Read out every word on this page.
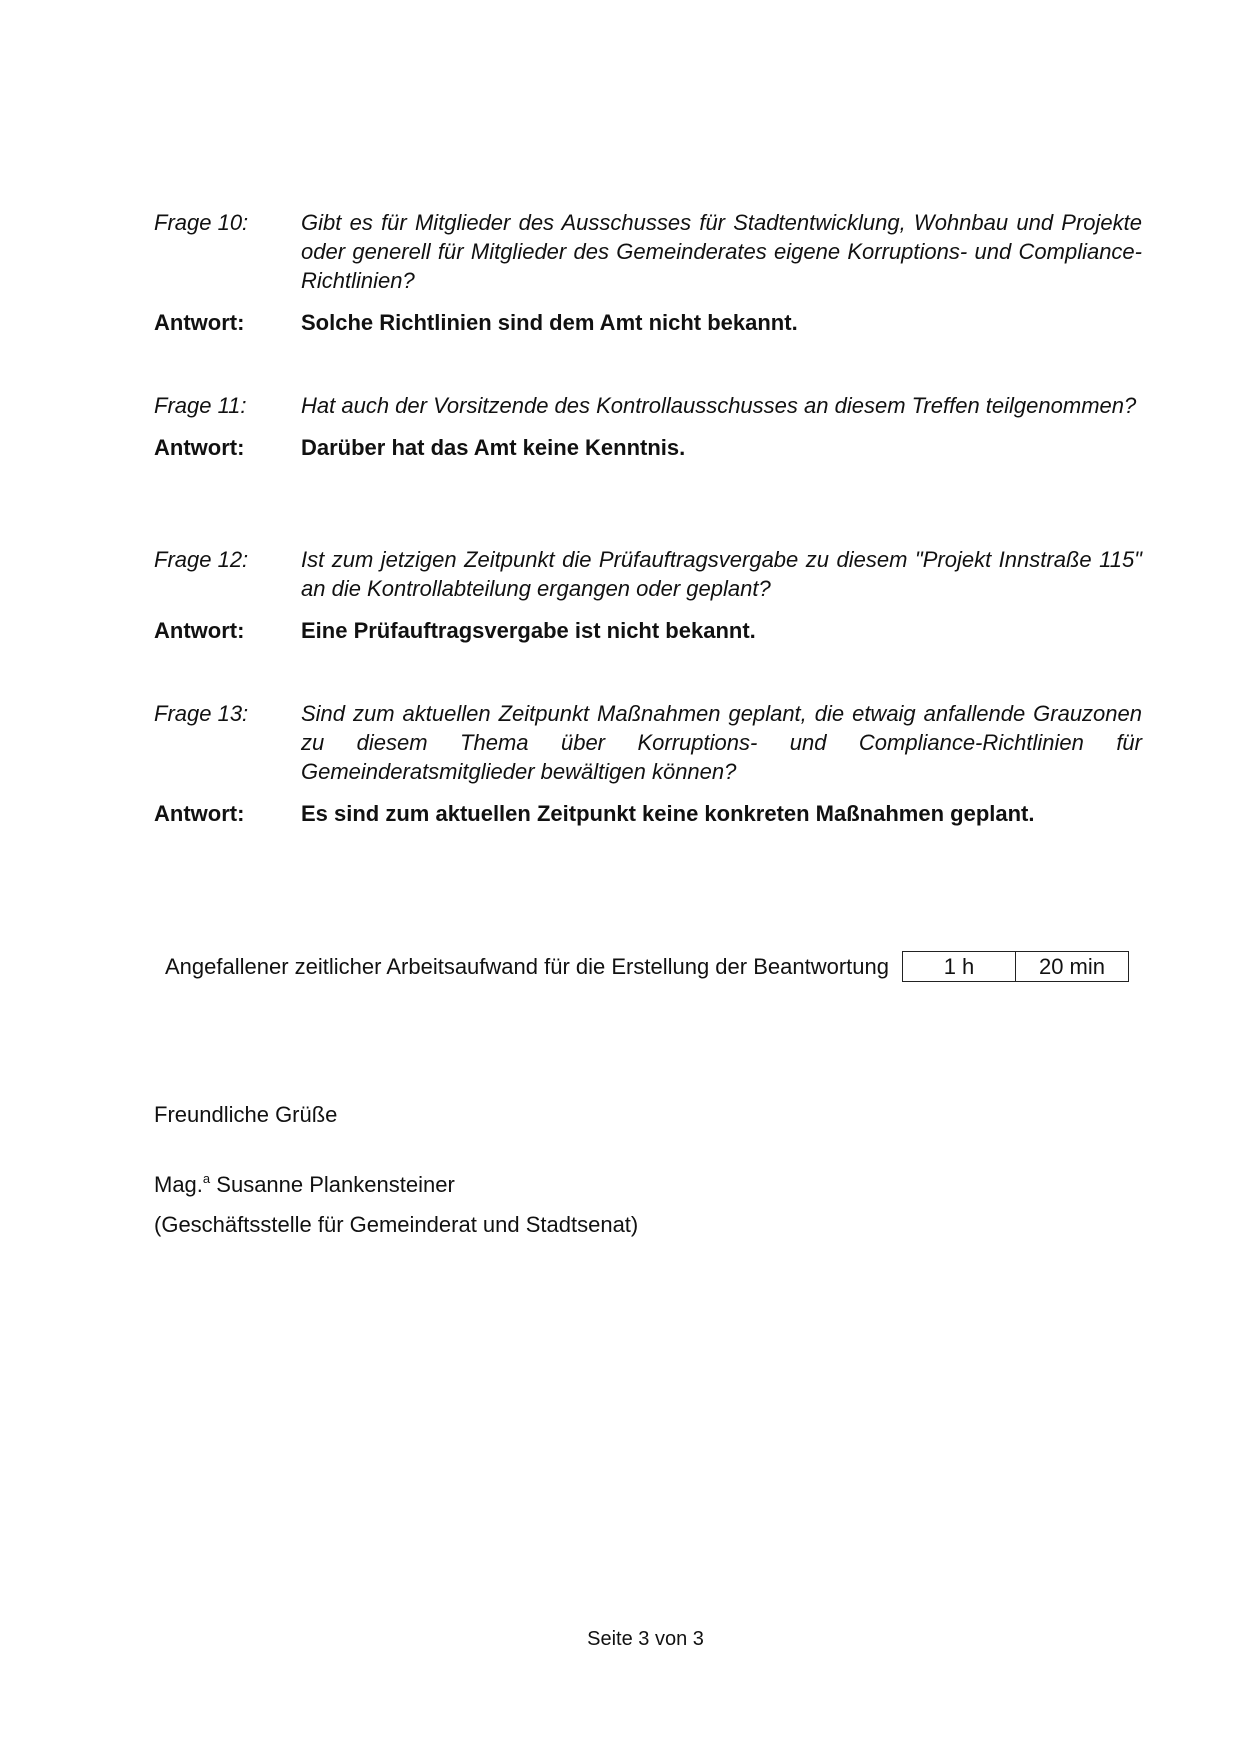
Frage 10:	Gibt es für Mitglieder des Ausschusses für Stadtentwicklung, Wohnbau und Projekte oder generell für Mitglieder des Gemeinderates eigene Korruptions- und Compliance-Richtlinien?
Antwort:	Solche Richtlinien sind dem Amt nicht bekannt.
Frage 11:	Hat auch der Vorsitzende des Kontrollausschusses an diesem Treffen teilgenommen?
Antwort:	Darüber hat das Amt keine Kenntnis.
Frage 12:	Ist zum jetzigen Zeitpunkt die Prüfauftragsvergabe zu diesem "Projekt Innstraße 115" an die Kontrollabteilung ergangen oder geplant?
Antwort:	Eine Prüfauftragsvergabe ist nicht bekannt.
Frage 13:	Sind zum aktuellen Zeitpunkt Maßnahmen geplant, die etwaig anfallende Grauzonen zu diesem Thema über Korruptions- und Compliance-Richtlinien für Gemeinderatsmitglieder bewältigen können?
Antwort:	Es sind zum aktuellen Zeitpunkt keine konkreten Maßnahmen geplant.
Angefallener zeitlicher Arbeitsaufwand für die Erstellung der Beantwortung	1 h	20 min
Freundliche Grüße
Mag.$^a$ Susanne Plankensteiner
(Geschäftsstelle für Gemeinderat und Stadtsenat)
Seite 3 von 3
